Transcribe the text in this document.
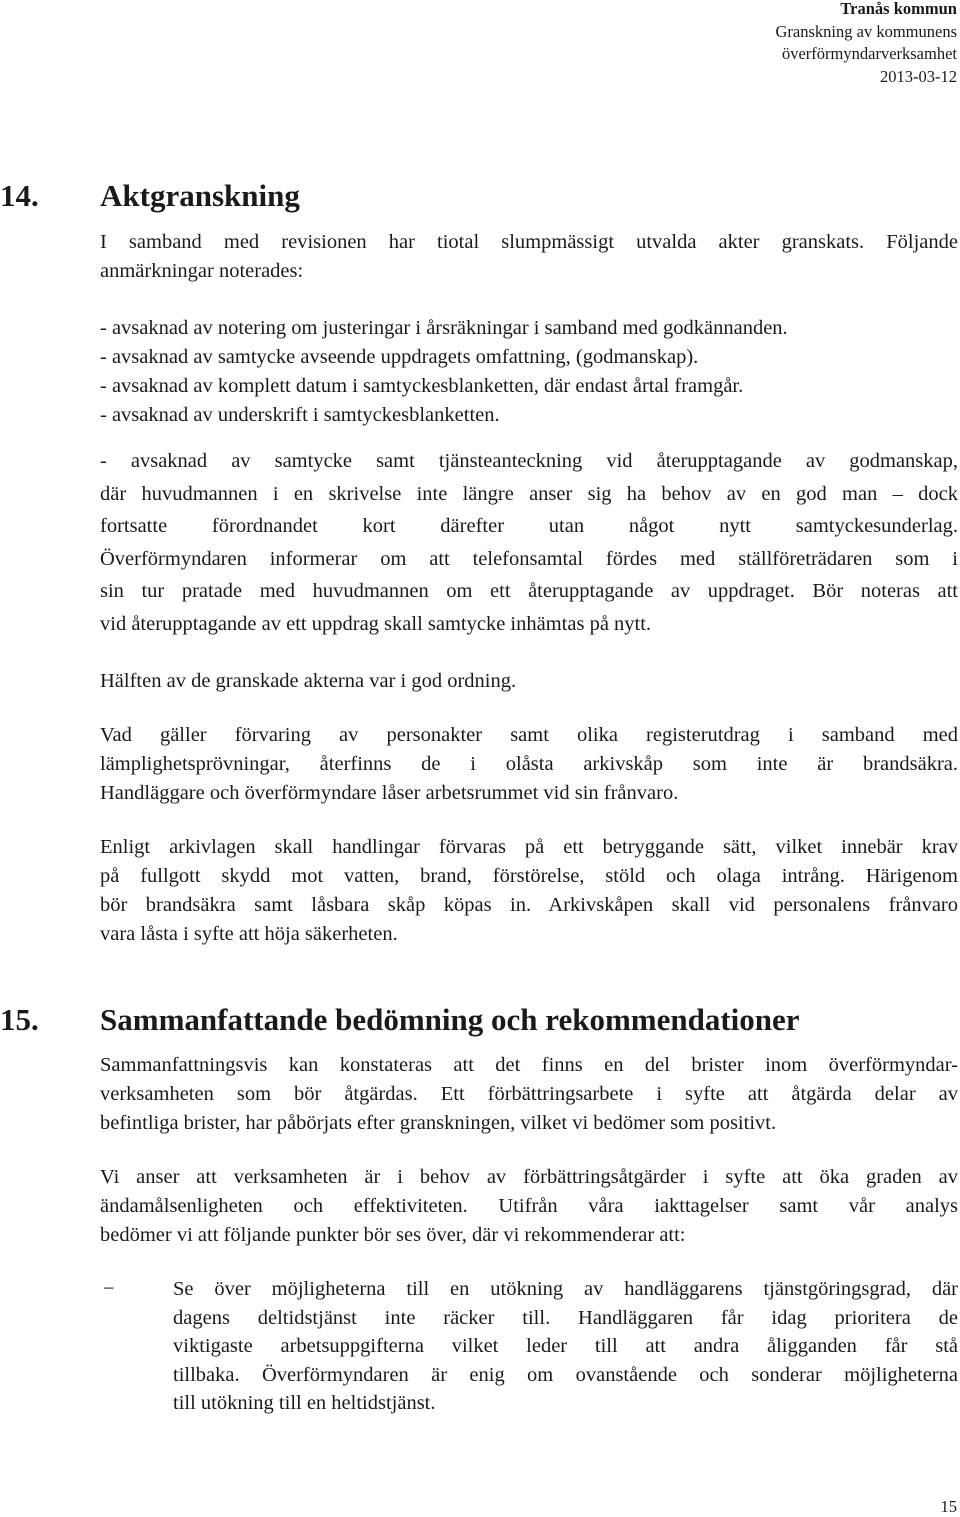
Tranås kommun
Granskning av kommunens
överförmyndarverksamhet
2013-03-12
14. Aktgranskning
I samband med revisionen har tiotal slumpmässigt utvalda akter granskats. Följande
anmärkningar noterades:
- avsaknad av notering om justeringar i årsräkningar i samband med godkännanden.
- avsaknad av samtycke avseende uppdragets omfattning, (godmanskap).
- avsaknad av komplett datum i samtyckesblanketten, där endast årtal framgår.
- avsaknad av underskrift i samtyckesblanketten.
- avsaknad av samtycke samt tjänsteanteckning vid återupptagande av godmanskap,
där huvudmannen i en skrivelse inte längre anser sig ha behov av en god man – dock
fortsatte förordnandet kort därefter utan något nytt samtyckesunderlag.
Överförmyndaren informerar om att telefonsamtal fördes med ställföreträdaren som i
sin tur pratade med huvudmannen om ett återupptagande av uppdraget. Bör noteras att
vid återupptagande av ett uppdrag skall samtycke inhämtas på nytt.
Hälften av de granskade akterna var i god ordning.
Vad gäller förvaring av personakter samt olika registerutdrag i samband med
lämplighetsprövningar, återfinns de i olåsta arkivskåp som inte är brandsäkra.
Handläggare och överförmyndare låser arbetsrummet vid sin frånvaro.
Enligt arkivlagen skall handlingar förvaras på ett betryggande sätt, vilket innebär krav
på fullgott skydd mot vatten, brand, förstörelse, stöld och olaga intrång. Härigenom
bör brandsäkra samt låsbara skåp köpas in. Arkivskåpen skall vid personalens frånvaro
vara låsta i syfte att höja säkerheten.
15. Sammanfattande bedömning och rekommendationer
Sammanfattningsvis kan konstateras att det finns en del brister inom överförmyndar-
verksamheten som bör åtgärdas. Ett förbättringsarbete i syfte att åtgärda delar av
befintliga brister, har påbörjats efter granskningen, vilket vi bedömer som positivt.
Vi anser att verksamheten är i behov av förbättringsåtgärder i syfte att öka graden av
ändamålsenligheten och effektiviteten. Utifrån våra iakttagelser samt vår analys
bedömer vi att följande punkter bör ses över, där vi rekommenderar att:
−	Se över möjligheterna till en utökning av handläggarens tjänstgöringsgrad, där
dagens deltidstjänst inte räcker till. Handläggaren får idag prioritera de
viktigaste arbetsuppgifterna vilket leder till att andra åligganden får stå
tillbaka. Överförmyndaren är enig om ovanstående och sonderar möjligheterna
till utökning till en heltidstjänst.
15
